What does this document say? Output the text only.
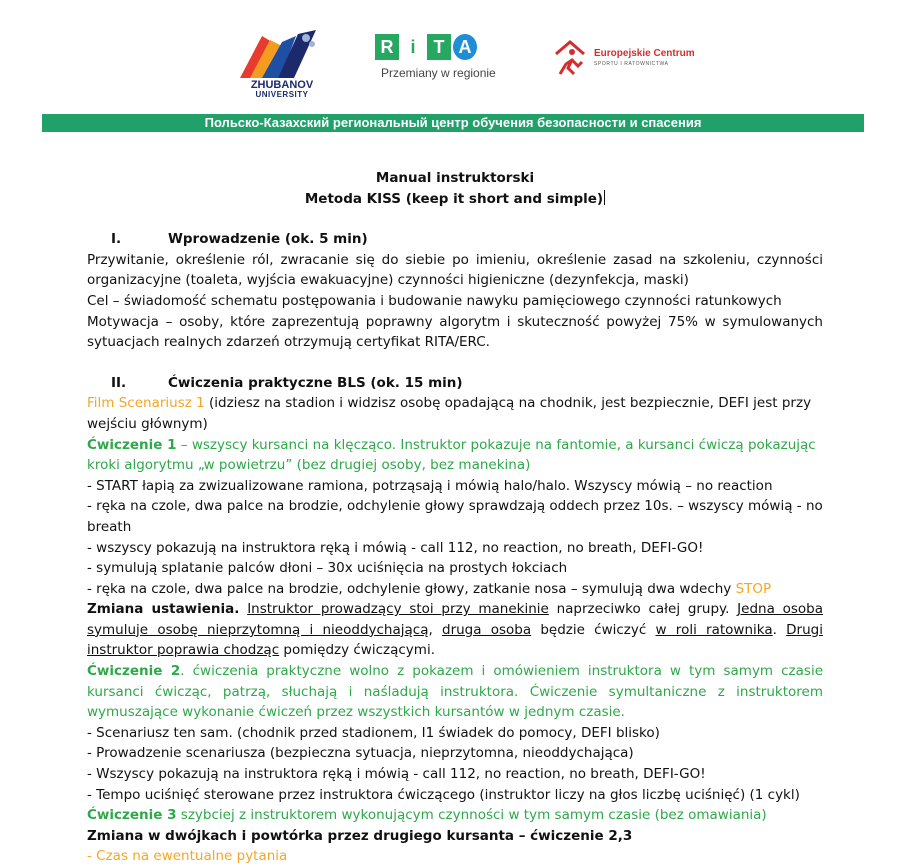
ZHUBANOV
UNIVERSITY
R i	T A
Przemiany w regionie
Europejskie Centrum
SPORTU I RATOWNICTWA
Польско-Казахский региональный центр обучения безопасности и спасения

Manual instruktorski

Metoda KISS (keep it short and simple)

I.	Wprowadzenie (ok. 5 min)

Przywitanie, określenie ról, zwracanie się do siebie po imieniu, określenie zasad na szkoleniu, czynności organizacyjne (toaleta, wyjścia ewakuacyjne) czynności higieniczne (dezynfekcja, maski)

Cel – świadomość schematu postępowania i budowanie nawyku pamięciowego czynności ratunkowych

Motywacja – osoby, które zaprezentują poprawny algorytm i skuteczność powyżej 75% w symulowanych sytuacjach realnych zdarzeń otrzymują certyfikat RITA/ERC.

II.	Ćwiczenia praktyczne BLS (ok. 15 min)

Film Scenariusz 1 (idziesz na stadion i widzisz osobę opadającą na chodnik, jest bezpiecznie, DEFI jest przy wejściu głównym)

Ćwiczenie 1 – wszyscy kursanci na klęcząco. Instruktor pokazuje na fantomie, a kursanci ćwiczą pokazując kroki algorytmu „w powietrzu” (bez drugiej osoby, bez manekina)

- START łapią za zwizualizowane ramiona, potrząsają i mówią halo/halo. Wszyscy mówią – no reaction

- ręka na czole, dwa palce na brodzie, odchylenie głowy sprawdzają oddech przez 10s. – wszyscy mówią - no breath

- wszyscy pokazują na instruktora ręką i mówią - call 112, no reaction, no breath, DEFI-GO!

- symulują splatanie palców dłoni – 30x uciśnięcia na prostych łokciach

- ręka na czole, dwa palce na brodzie, odchylenie głowy, zatkanie nosa – symulują dwa wdechy STOP

Zmiana ustawienia. Instruktor prowadzący stoi przy manekinie naprzeciwko całej grupy. Jedna osoba symuluje osobę nieprzytomną i nieoddychającą, druga osoba będzie ćwiczyć w roli ratownika. Drugi instruktor poprawia chodząc pomiędzy ćwiczącymi.

Ćwiczenie 2. ćwiczenia praktyczne wolno z pokazem i omówieniem instruktora w tym samym czasie kursanci ćwicząc, patrzą, słuchają i naśladują instruktora. Ćwiczenie symultaniczne z instruktorem wymuszające wykonanie ćwiczeń przez wszystkich kursantów w jednym czasie.

- Scenariusz ten sam. (chodnik przed stadionem, I1 świadek do pomocy, DEFI blisko)

- Prowadzenie scenariusza (bezpieczna sytuacja, nieprzytomna, nieoddychająca)

- Wszyscy pokazują na instruktora ręką i mówią - call 112, no reaction, no breath, DEFI-GO!

- Tempo uciśnięć sterowane przez instruktora ćwiczącego (instruktor liczy na głos liczbę uciśnięć) (1 cykl)

Ćwiczenie 3 szybciej z instruktorem wykonującym czynności w tym samym czasie (bez omawiania)

Zmiana w dwójkach i powtórka przez drugiego kursanta – ćwiczenie 2,3

- Czas na ewentualne pytania
